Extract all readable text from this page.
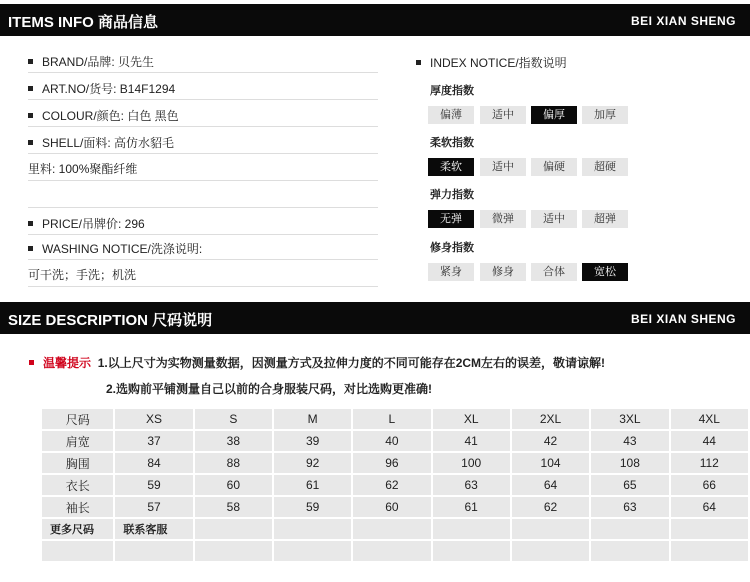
ITEMS INFO 商品信息	BEI XIAN SHENG
BRAND/品牌: 贝先生
ART.NO/货号: B14F1294
COLOUR/颜色: 白色 黑色
SHELL/面料: 高仿水貂毛
里料: 100%聚酯纤维
PRICE/吊牌价: 296
WASHING NOTICE/洗涤说明:
可干洗；手洗；机洗
INDEX NOTICE/指数说明
厚度指数
偏薄	适中	偏厚	加厚
柔软指数
柔软	适中	偏硬	超硬
弹力指数
无弹	微弹	适中	超弹
修身指数
紧身	修身	合体	宽松
SIZE DESCRIPTION 尺码说明	BEI XIAN SHENG
温馨提示 1.以上尺寸为实物测量数据，因测量方式及拉伸力度的不同可能存在2CM左右的误差，敬请谅解!
2.选购前平铺测量自己以前的合身服装尺码，对比选购更准确!
尺码	XS	S	M	L	XL	2XL	3XL	4XL
肩宽	37	38	39	40	41	42	43	44
胸围	84	88	92	96	100	104	108	112
衣长	59	60	61	62	63	64	65	66
袖长	57	58	59	60	61	62	63	64
更多尺码	联系客服							
